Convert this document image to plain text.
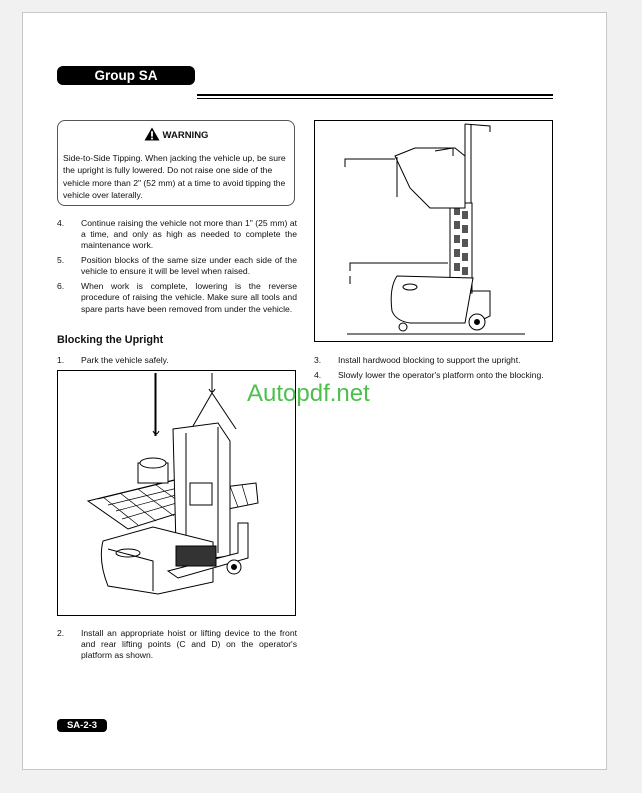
Group SA
WARNING
Side-to-Side Tipping. When jacking the vehicle up, be sure the upright is fully lowered. Do not raise one side of the vehicle more than 2" (52 mm) at a time to avoid tipping the vehicle over laterally.
4. Continue raising the vehicle not more than 1" (25 mm) at a time, and only as high as needed to complete the maintenance work.
5. Position blocks of the same size under each side of the vehicle to ensure it will be level when raised.
6. When work is complete, lowering is the reverse procedure of raising the vehicle. Make sure all tools and spare parts have been removed from under the vehicle.
Blocking the Upright
1. Park the vehicle safely.
2. Install an appropriate hoist or lifting device to the front and rear lifting points (C and D) on the operator's platform as shown.
3. Install hardwood blocking to support the upright.
4. Slowly lower the operator's platform onto the blocking.
Autopdf.net
SA-2-3
